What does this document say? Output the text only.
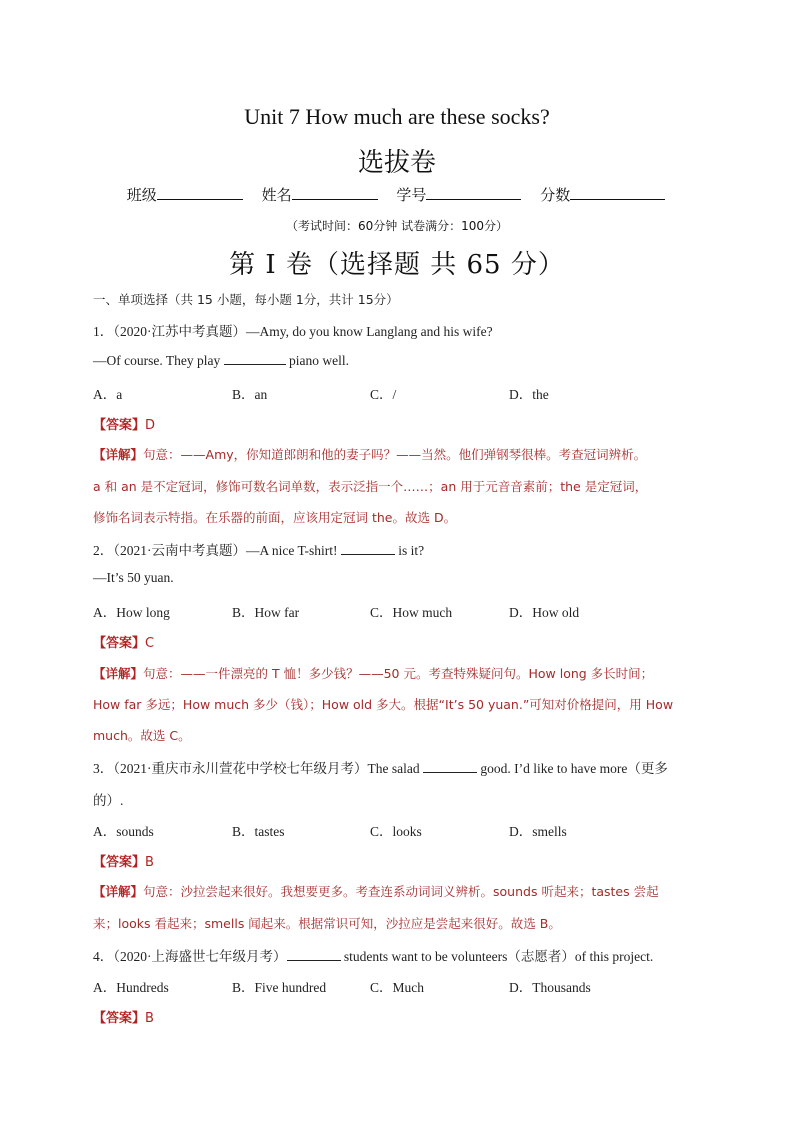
Unit 7 How much are these socks?
选拔卷
班级	姓名	学号	分数
（考试时间：60分钟 试卷满分：100分）
第 I 卷（选择题 共 65 分）
一、单项选择（共 15 小题，每小题 1分，共计 15分）
1．（2020·江苏中考真题）—Amy, do you know Langlang and his wife?
—Of course. They play	piano well.
A．a	B．an	C．/	D．the
【答案】D
【详解】句意：——Amy，你知道郎朗和他的妻子吗？——当然。他们弹钢琴很棒。考查冠词辨析。
a 和 an 是不定冠词，修饰可数名词单数，表示泛指一个……；an 用于元音音素前；the 是定冠词，
修饰名词表示特指。在乐器的前面，应该用定冠词 the。故选 D。
2．（2021·云南中考真题）—A nice T-shirt!	is it?
—It’s 50 yuan.
A．How long	B．How far	C．How much	D．How old
【答案】C
【详解】句意：——一件漂亮的 T 恤！多少钱？——50 元。考查特殊疑问句。How long 多长时间；
How far 多远；How much 多少（钱）；How old 多大。根据“It’s 50 yuan.”可知对价格提问，用 How
much。故选 C。
3．（2021·重庆市永川萱花中学校七年级月考）The salad	good. I’d like to have more（更多
的）.
A．sounds	B．tastes	C．looks	D．smells
【答案】B
【详解】句意：沙拉尝起来很好。我想要更多。考查连系动词词义辨析。sounds 听起来；tastes 尝起
来；looks 看起来；smells 闻起来。根据常识可知，沙拉应是尝起来很好。故选 B。
4．（2020·上海盛世七年级月考）	students want to be volunteers（志愿者）of this project.
A．Hundreds	B．Five hundred	C．Much	D．Thousands
【答案】B
